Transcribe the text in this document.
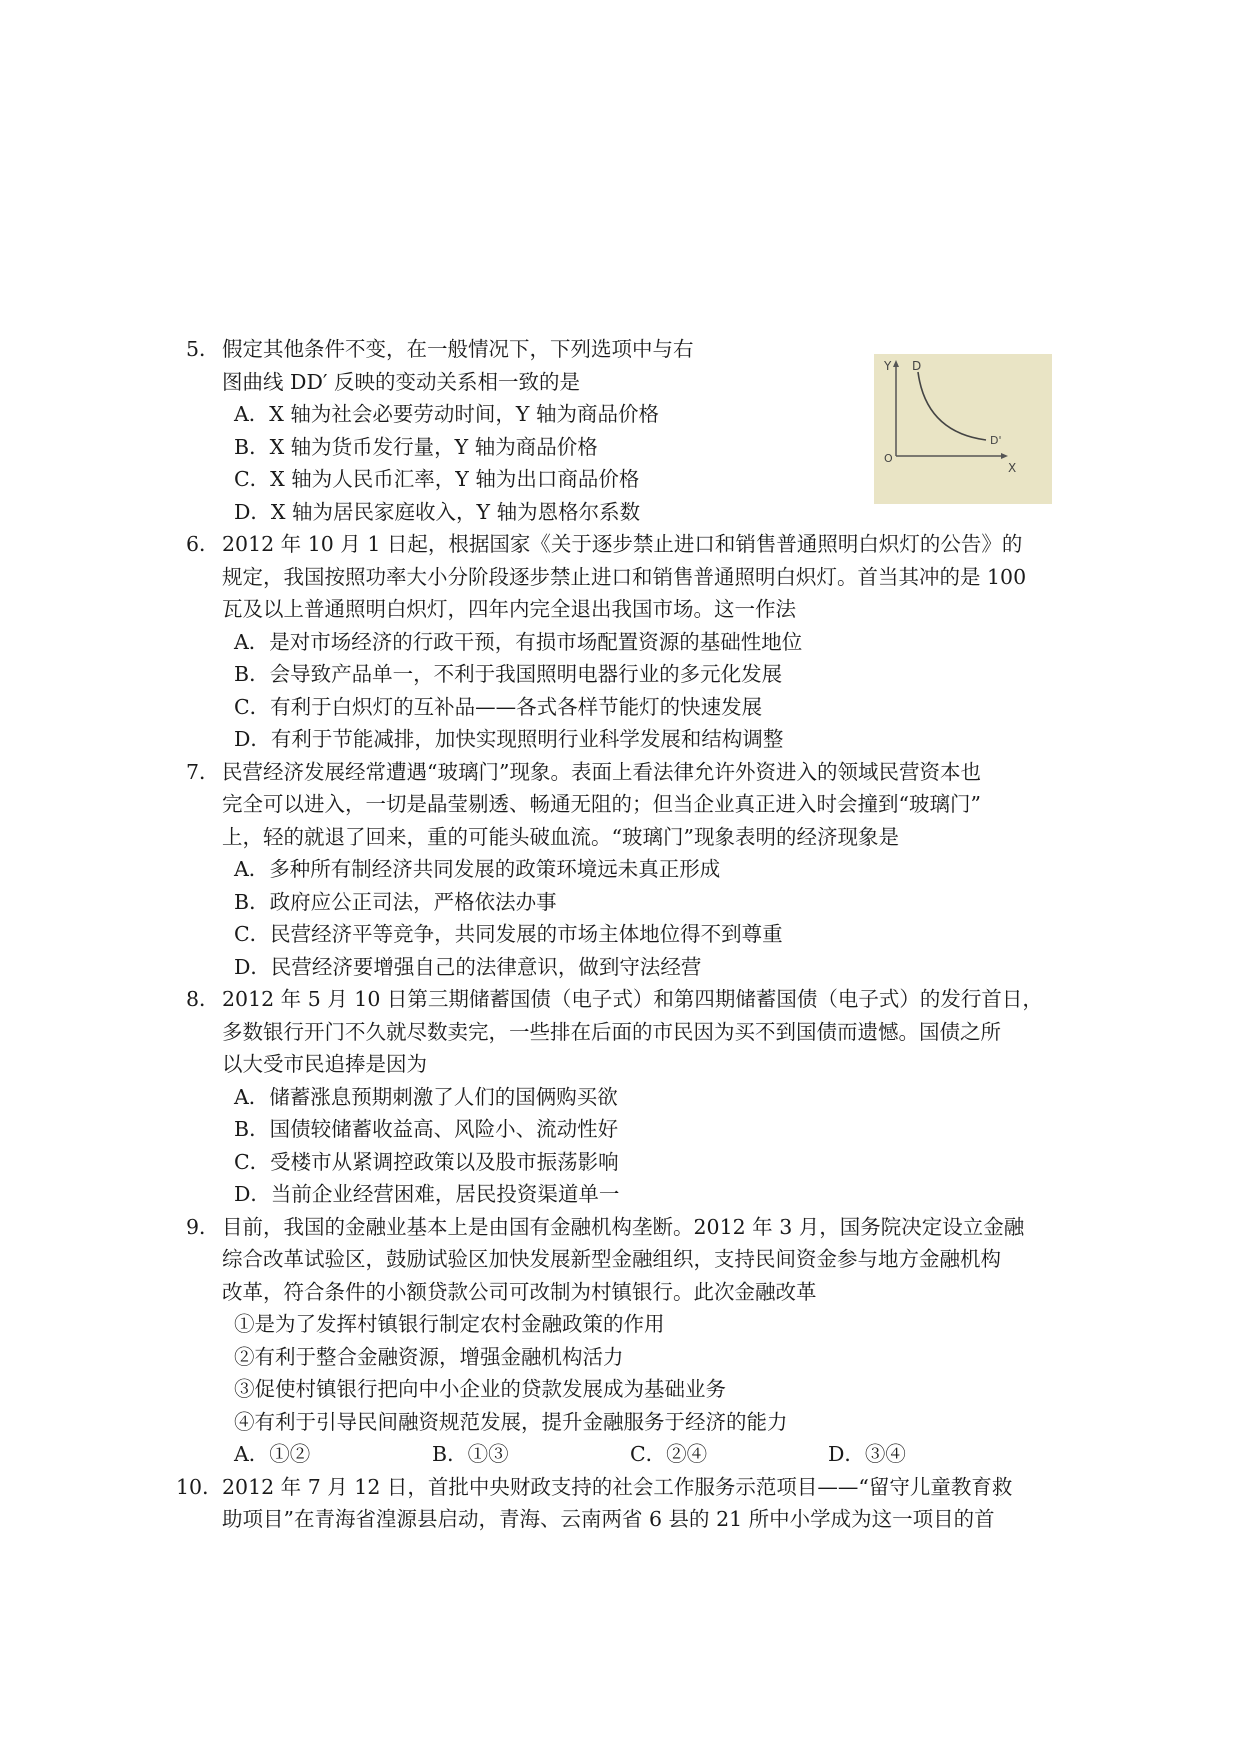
Y D
D'
O
X
5． 假定其他条件不变，在一般情况下，下列选项中与右
图曲线 DD′ 反映的变动关系相一致的是
A．X 轴为社会必要劳动时间，Y 轴为商品价格
B．X 轴为货币发行量，Y 轴为商品价格
C．X 轴为人民币汇率，Y 轴为出口商品价格
D．X 轴为居民家庭收入，Y 轴为恩格尔系数
6． 2012 年 10 月 1 日起，根据国家《关于逐步禁止进口和销售普通照明白炽灯的公告》的
规定，我国按照功率大小分阶段逐步禁止进口和销售普通照明白炽灯。首当其冲的是 100
瓦及以上普通照明白炽灯，四年内完全退出我国市场。这一作法
A．是对市场经济的行政干预，有损市场配置资源的基础性地位
B．会导致产品单一，不利于我国照明电器行业的多元化发展
C．有利于白炽灯的互补品——各式各样节能灯的快速发展
D．有利于节能减排，加快实现照明行业科学发展和结构调整
7． 民营经济发展经常遭遇“玻璃门”现象。表面上看法律允许外资进入的领域民营资本也
完全可以进入，一切是晶莹剔透、畅通无阻的；但当企业真正进入时会撞到“玻璃门”
上，轻的就退了回来，重的可能头破血流。“玻璃门”现象表明的经济现象是
A．多种所有制经济共同发展的政策环境远未真正形成
B．政府应公正司法，严格依法办事
C．民营经济平等竞争，共同发展的市场主体地位得不到尊重
D．民营经济要增强自己的法律意识，做到守法经营
8． 2012 年 5 月 10 日第三期储蓄国债（电子式）和第四期储蓄国债（电子式）的发行首日，
多数银行开门不久就尽数卖完，一些排在后面的市民因为买不到国债而遗憾。国债之所
以大受市民追捧是因为
A．储蓄涨息预期刺激了人们的国俩购买欲
B．国债较储蓄收益高、风险小、流动性好
C．受楼市从紧调控政策以及股市振荡影响
D．当前企业经营困难，居民投资渠道单一
9． 目前，我国的金融业基本上是由国有金融机构垄断。2012 年 3 月，国务院决定设立金融
综合改革试验区，鼓励试验区加快发展新型金融组织，支持民间资金参与地方金融机构
改革，符合条件的小额贷款公司可改制为村镇银行。此次金融改革
①是为了发挥村镇银行制定农村金融政策的作用
②有利于整合金融资源，增强金融机构活力
③促使村镇银行把向中小企业的贷款发展成为基础业务
④有利于引导民间融资规范发展，提升金融服务于经济的能力
A．①②	B．①③	C．②④	D．③④
10． 2012 年 7 月 12 日，首批中央财政支持的社会工作服务示范项目——“留守儿童教育救
助项目”在青海省湟源县启动，青海、云南两省 6 县的 21 所中小学成为这一项目的首
